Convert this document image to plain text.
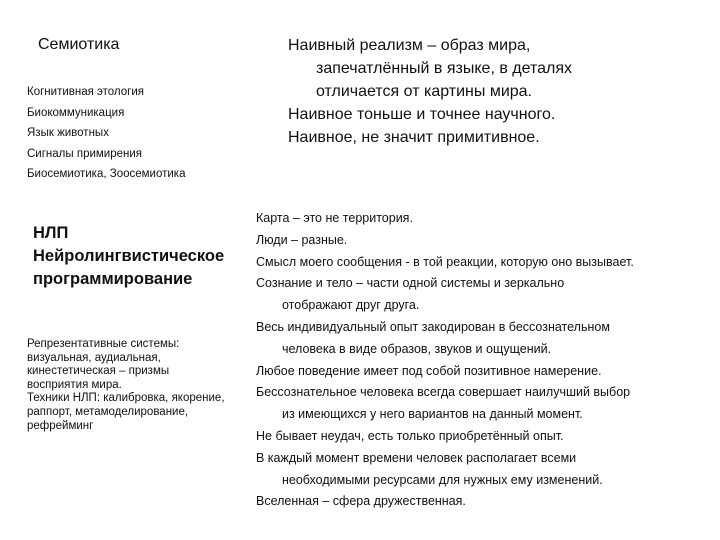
Семиотика
Когнитивная этология
Биокоммуникация
Язык животных
Сигналы примирения
Биосемиотика, Зоосемиотика
Наивный реализм – образ мира,
запечатлённый в языке, в деталях
отличается от картины мира.
Наивное тоньше и точнее научного.
Наивное, не значит примитивное.
НЛП
Нейролингвистическое
программирование
Репрезентативные системы:
визуальная, аудиальная,
кинестетическая – призмы
восприятия мира.
Техники НЛП: калибровка, якорение,
раппорт, метамоделирование,
рефрейминг
Карта – это не территория.
Люди – разные.
Смысл моего сообщения - в той реакции, которую оно вызывает.
Сознание и тело – части одной системы и зеркально
отображают друг друга.
Весь индивидуальный опыт закодирован в бессознательном
человека в виде образов, звуков и ощущений.
Любое поведение имеет под собой позитивное намерение.
Бессознательное человека всегда совершает наилучший выбор
из имеющихся у него вариантов на данный момент.
Не бывает неудач, есть только приобретённый опыт.
В каждый момент времени человек располагает всеми
необходимыми ресурсами для нужных ему изменений.
Вселенная – сфера дружественная.
